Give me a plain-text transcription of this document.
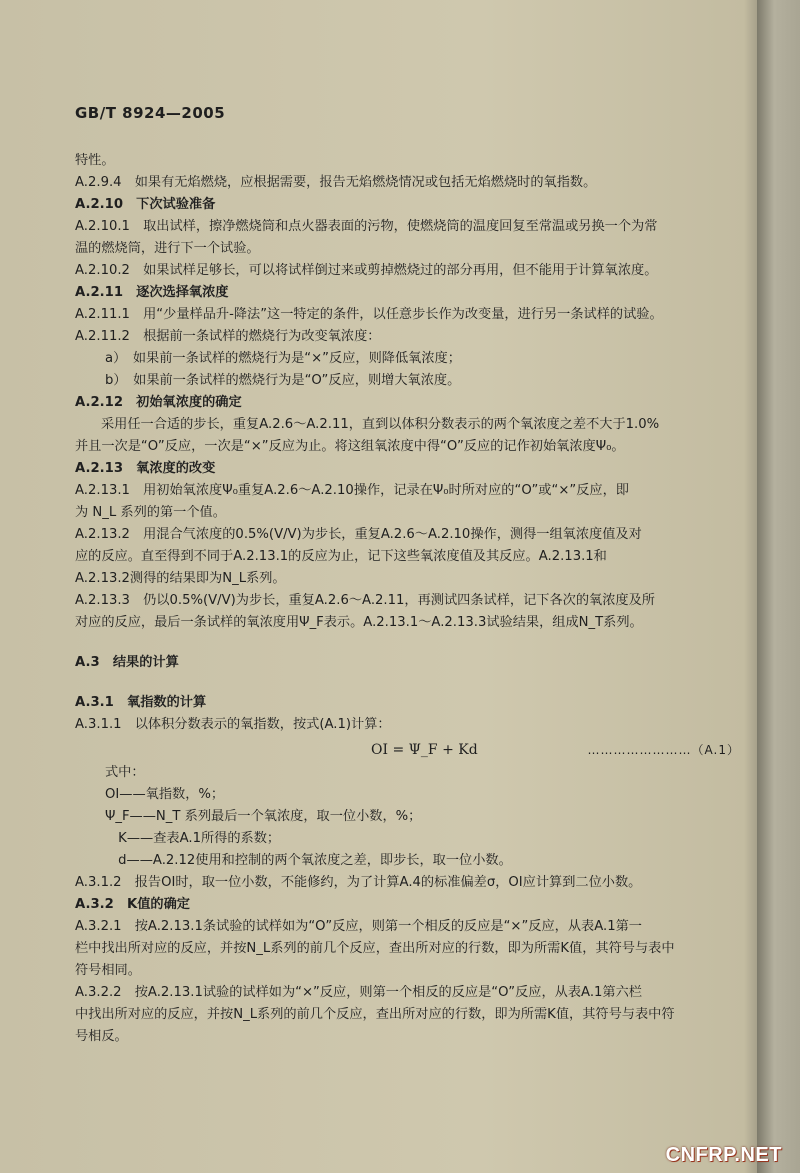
GB/T 8924—2005

特性。

A.2.9.4　如果有无焰燃烧，应根据需要，报告无焰燃烧情况或包括无焰燃烧时的氧指数。

A.2.10　下次试验准备

A.2.10.1　取出试样，擦净燃烧筒和点火器表面的污物，使燃烧筒的温度回复至常温或另换一个为常

温的燃烧筒，进行下一个试验。

A.2.10.2　如果试样足够长，可以将试样倒过来或剪掉燃烧过的部分再用，但不能用于计算氧浓度。

A.2.11　逐次选择氧浓度

A.2.11.1　用“少量样品升-降法”这一特定的条件，以任意步长作为改变量，进行另一条试样的试验。

A.2.11.2　根据前一条试样的燃烧行为改变氧浓度：

a）　如果前一条试样的燃烧行为是“×”反应，则降低氧浓度；

b）　如果前一条试样的燃烧行为是“O”反应，则增大氧浓度。

A.2.12　初始氧浓度的确定

采用任一合适的步长，重复A.2.6～A.2.11，直到以体积分数表示的两个氧浓度之差不大于1.0%

并且一次是“O”反应，一次是“×”反应为止。将这组氧浓度中得“O”反应的记作初始氧浓度Ψ₀。

A.2.13　氧浓度的改变

A.2.13.1　用初始氧浓度Ψ₀重复A.2.6～A.2.10操作，记录在Ψ₀时所对应的“O”或“×”反应，即

为 N_L 系列的第一个值。

A.2.13.2　用混合气浓度的0.5%(V/V)为步长，重复A.2.6～A.2.10操作，测得一组氧浓度值及对

应的反应。直至得到不同于A.2.13.1的反应为止，记下这些氧浓度值及其反应。A.2.13.1和

A.2.13.2测得的结果即为N_L系列。

A.2.13.3　仍以0.5%(V/V)为步长，重复A.2.6～A.2.11，再测试四条试样，记下各次的氧浓度及所

对应的反应，最后一条试样的氧浓度用Ψ_F表示。A.2.13.1～A.2.13.3试验结果，组成N_T系列。

A.3　结果的计算

A.3.1　氧指数的计算

A.3.1.1　以体积分数表示的氧指数，按式(A.1)计算：

OI = Ψ_F + Kd	……………………（A.1）

式中：

OI——氧指数，%；

Ψ_F——N_T 系列最后一个氧浓度，取一位小数，%；

　K——查表A.1所得的系数；

　d——A.2.12使用和控制的两个氧浓度之差，即步长，取一位小数。

A.3.1.2　报告OI时，取一位小数，不能修约，为了计算A.4的标准偏差σ，OI应计算到二位小数。

A.3.2　K值的确定

A.3.2.1　按A.2.13.1条试验的试样如为“O”反应，则第一个相反的反应是“×”反应，从表A.1第一

栏中找出所对应的反应，并按N_L系列的前几个反应，查出所对应的行数，即为所需K值，其符号与表中

符号相同。

A.3.2.2　按A.2.13.1试验的试样如为“×”反应，则第一个相反的反应是“O”反应，从表A.1第六栏

中找出所对应的反应，并按N_L系列的前几个反应，查出所对应的行数，即为所需K值，其符号与表中符

号相反。

CNFRP.NET
